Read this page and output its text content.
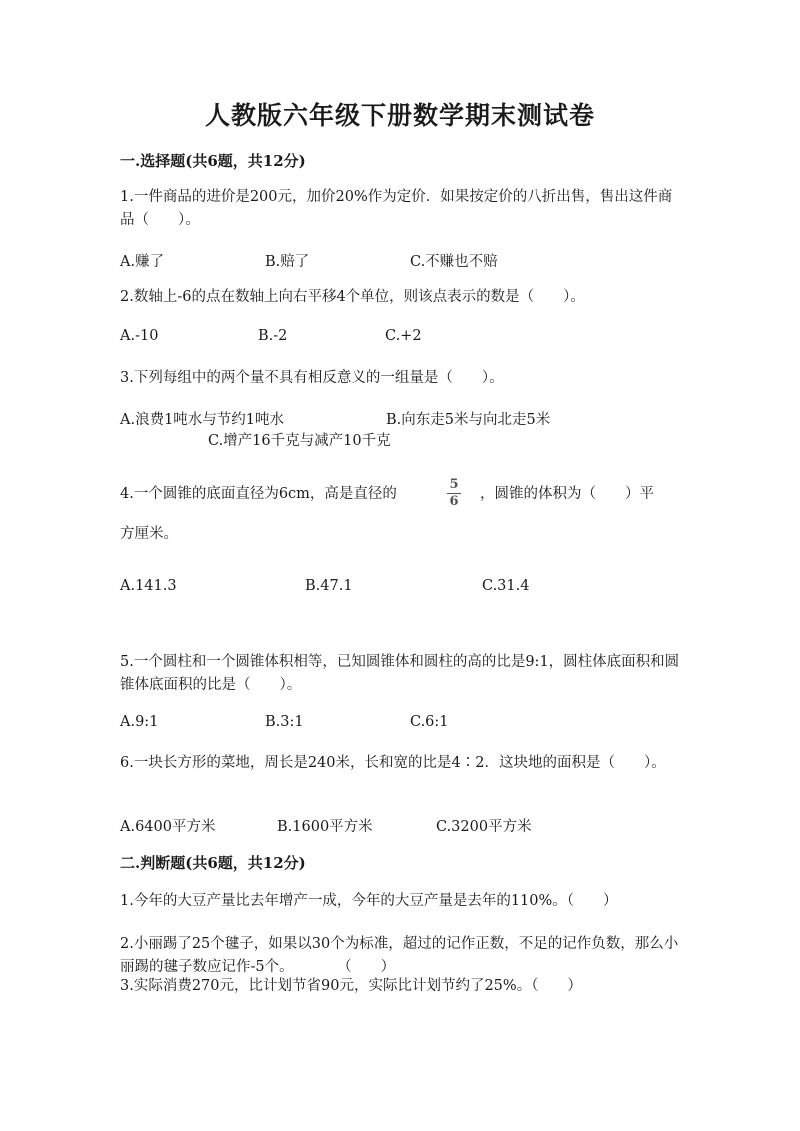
人教版六年级下册数学期末测试卷
一.选择题(共6题，共12分)
1.一件商品的进价是200元，加价20%作为定价．如果按定价的八折出售，售出这件商品（　　）。
A.赚了	B.赔了	C.不赚也不赔
2.数轴上-6的点在数轴上向右平移4个单位，则该点表示的数是（　　）。
A.-10	B.-2	C.+2
3.下列每组中的两个量不具有相反意义的一组量是（　　）。
A.浪费1吨水与节约1吨水	B.向东走5米与向北走5米
C.增产16千克与减产10千克
4.一个圆锥的底面直径为6cm，高是直径的
5
6	，圆锥的体积为（　　）平
方厘米。
A.141.3	B.47.1	C.31.4
5.一个圆柱和一个圆锥体积相等，已知圆锥体和圆柱的高的比是9:1，圆柱体底面积和圆锥体底面积的比是（　　）。
A.9:1	B.3:1	C.6:1
6.一块长方形的菜地，周长是240米，长和宽的比是4∶2．这块地的面积是（　　）。
A.6400平方米	B.1600平方米	C.3200平方米
二.判断题(共6题，共12分)
1.今年的大豆产量比去年增产一成，今年的大豆产量是去年的110%。（　　）
2.小丽踢了25个毽子，如果以30个为标准，超过的记作正数，不足的记作负数，那么小丽踢的毽子数应记作-5个。　　　　（　　）
3.实际消费270元，比计划节省90元，实际比计划节约了25%。（　　）
